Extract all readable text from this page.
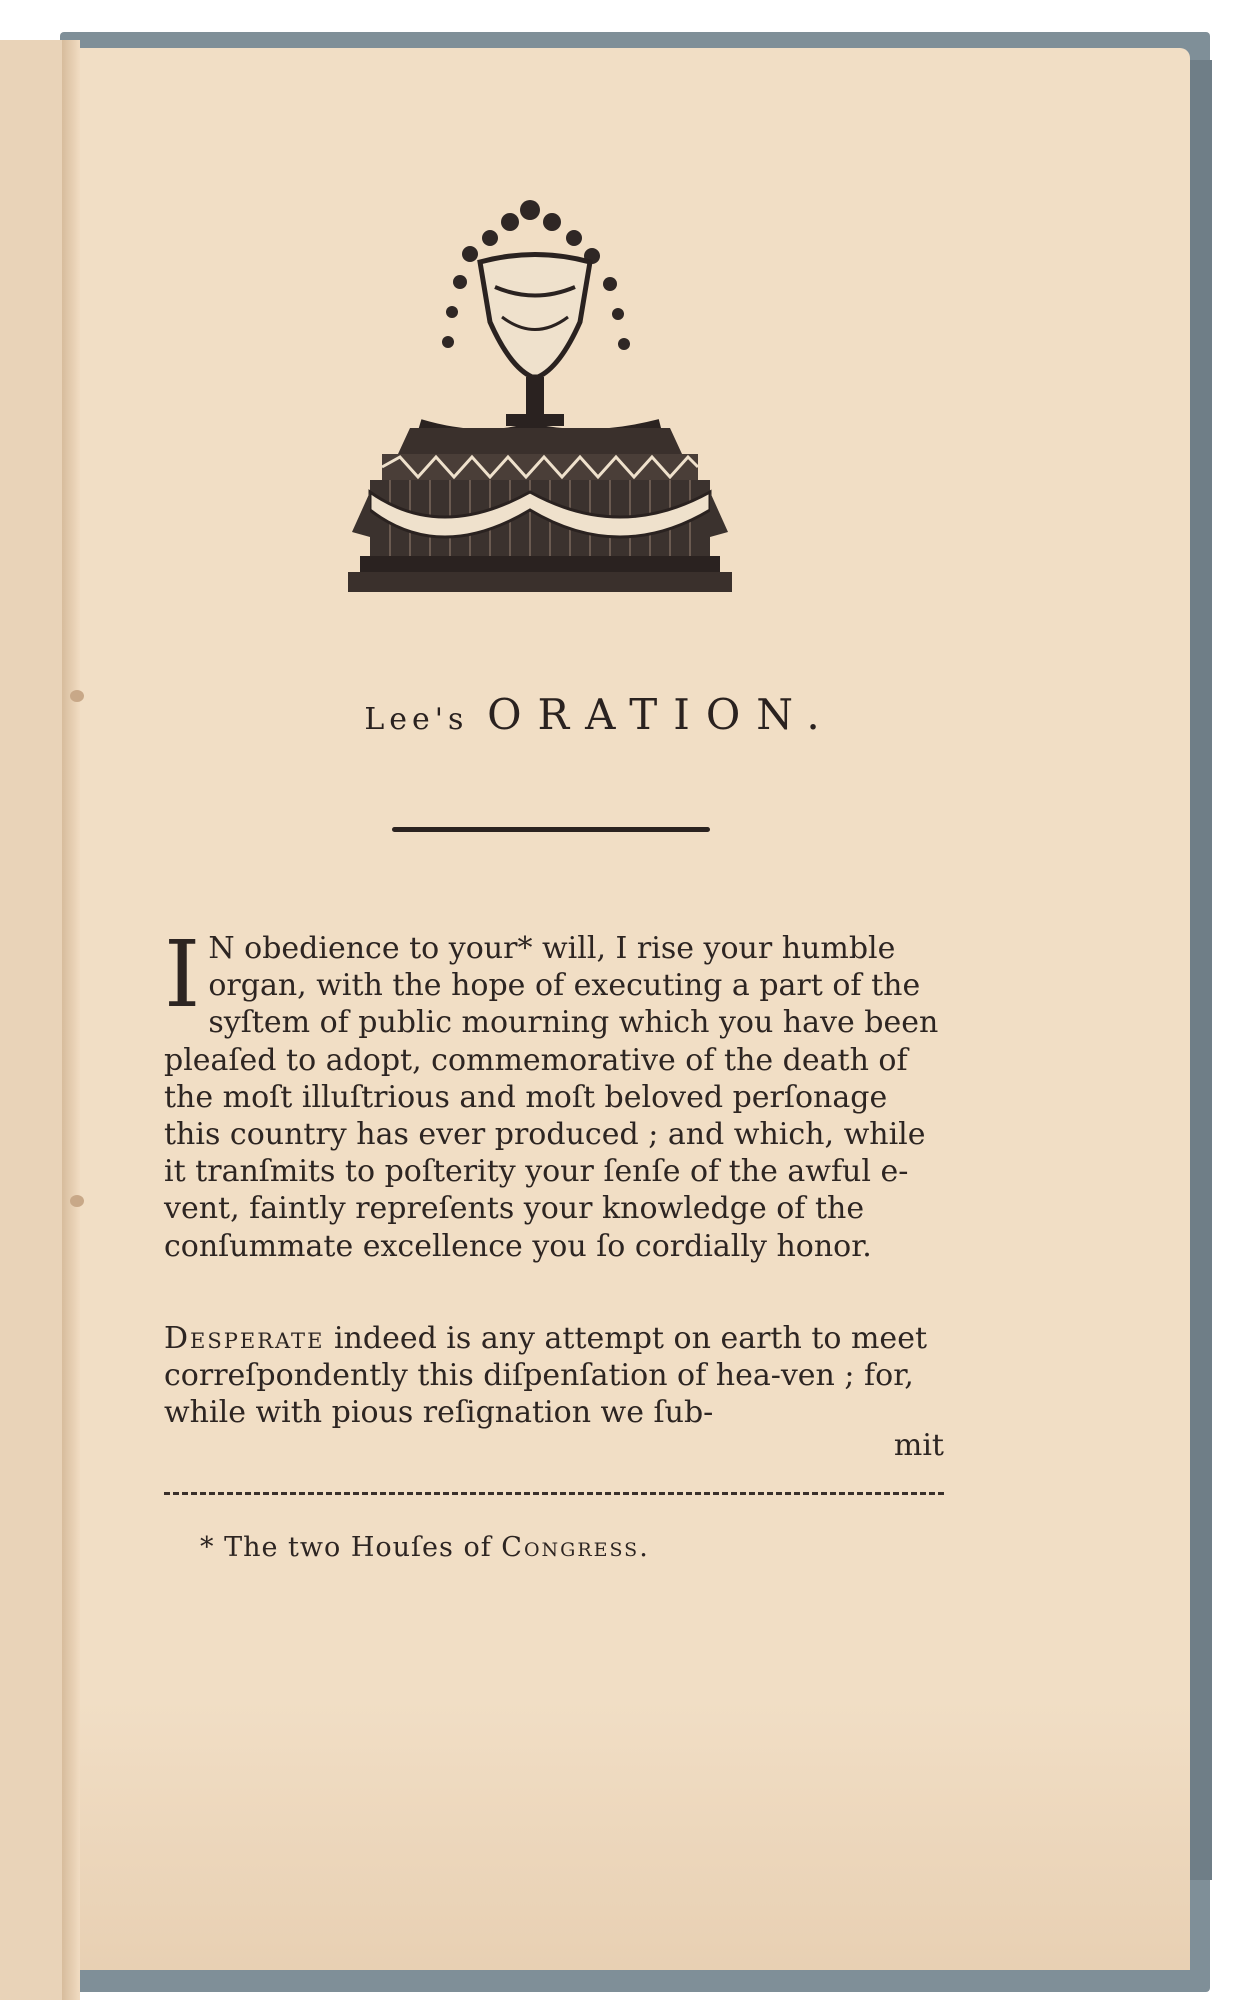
Lee's ORATION.
I N obedience to your* will, I rise your humble organ, with the hope of executing a part of the syſtem of public mourning which you have been pleaſed to adopt, commemorative of the death of the moſt illuſtrious and moſt beloved perſonage this country has ever produced ; and which, while it tranſmits to poſterity your ſenſe of the awful e-vent, faintly repreſents your knowledge of the conſummate excellence you ſo cordially honor.
Desperate indeed is any attempt on earth to meet correſpondently this diſpenſation of hea-ven ; for, while with pious reſignation we ſub-
mit
* The two Houſes of Congress.
